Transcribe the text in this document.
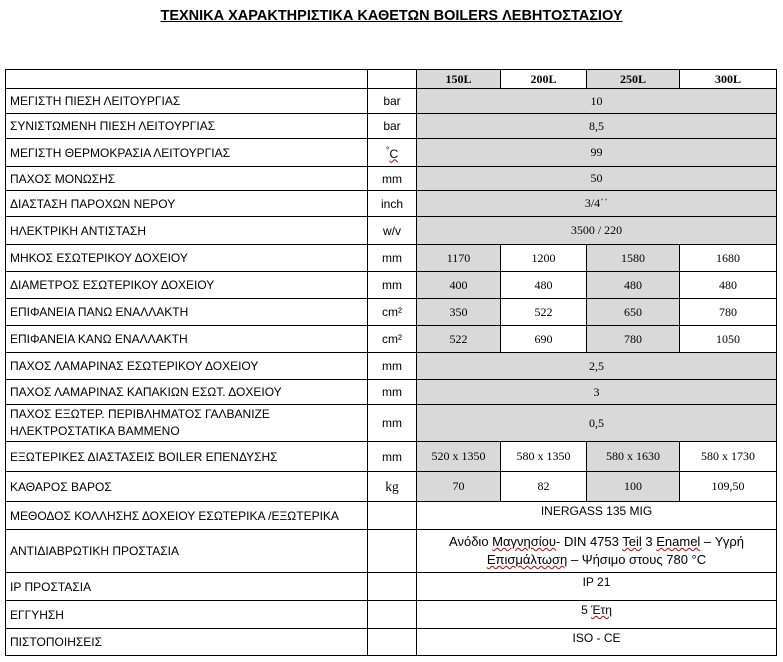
ΤΕΧΝΙΚΑ ΧΑΡΑΚΤΗΡΙΣΤΙΚΑ ΚΑΘΕΤΩΝ BOILERS ΛΕΒΗΤΟΣΤΑΣΙΟΥ
		150L	200L	250L	300L
ΜΕΓΙΣΤΗ ΠΙΕΣΗ ΛΕΙΤΟΥΡΓΙΑΣ	bar	10			
ΣΥΝΙΣΤΩΜΕΝΗ ΠΙΕΣΗ ΛΕΙΤΟΥΡΓΙΑΣ	bar	8,5			
ΜΕΓΙΣΤΗ ΘΕΡΜΟΚΡΑΣΙΑ ΛΕΙΤΟΥΡΓΙΑΣ	°C	99			
ΠΑΧΟΣ ΜΟΝΩΣΗΣ	mm	50			
ΔΙΑΣΤΑΣΗ ΠΑΡΟΧΩΝ ΝΕΡΟΥ	inch	3/4΄΄			
ΗΛΕΚΤΡΙΚΗ ΑΝΤΙΣΤΑΣΗ	w/v	3500 / 220			
ΜΗΚΟΣ ΕΣΩΤΕΡΙΚΟΥ ΔΟΧΕΙΟΥ	mm	1170	1200	1580	1680
ΔΙΑΜΕΤΡΟΣ ΕΣΩΤΕΡΙΚΟΥ ΔΟΧΕΙΟΥ	mm	400	480	480	480
ΕΠΙΦΑΝΕΙΑ ΠΑΝΩ ΕΝΑΛΛΑΚΤΗ	cm²	350	522	650	780
ΕΠΙΦΑΝΕΙΑ ΚΑΝΩ ΕΝΑΛΛΑΚΤΗ	cm²	522	690	780	1050
ΠΑΧΟΣ ΛΑΜΑΡΙΝΑΣ ΕΣΩΤΕΡΙΚΟΥ ΔΟΧΕΙΟΥ	mm	2,5			
ΠΑΧΟΣ ΛΑΜΑΡΙΝΑΣ ΚΑΠΑΚΙΩΝ ΕΣΩΤ. ΔΟΧΕΙΟΥ	mm	3			
ΠΑΧΟΣ ΕΞΩΤΕΡ. ΠΕΡΙΒΛΗΜΑΤΟΣ ΓΑΛΒΑΝΙΖΕ
ΗΛΕΚΤΡΟΣΤΑΤΙΚΑ ΒΑΜΜΕΝΟ	mm	0,5			
ΕΞΩΤΕΡΙΚΕΣ ΔΙΑΣΤΑΣΕΙΣ BOILER ΕΠΕΝΔΥΣΗΣ	mm	520 x 1350	580 x 1350	580 x 1630	580 x 1730
ΚΑΘΑΡΟΣ ΒΑΡΟΣ	kg	70	82	100	109,50
ΜΕΘΟΔΟΣ ΚΟΛΛΗΣΗΣ ΔΟΧΕΙΟΥ ΕΣΩΤΕΡΙΚΑ /ΕΞΩΤΕΡΙΚΑ		INERGASS 135 MIG			
ΑΝΤΙΔΙΑΒΡΩΤΙΚΗ ΠΡΟΣΤΑΣΙΑ		Ανόδιο Μαγνησίου- DIN 4753 Teil 3 Enamel – Υγρή
Επισμάλτωση – Ψήσιμο στους 780 °C			
IP ΠΡΟΣΤΑΣΙΑ		IP 21			
ΕΓΓΥΗΣΗ		5 Έτη			
ΠΙΣΤΟΠΟΙΗΣΕΙΣ		ISO - CE			
